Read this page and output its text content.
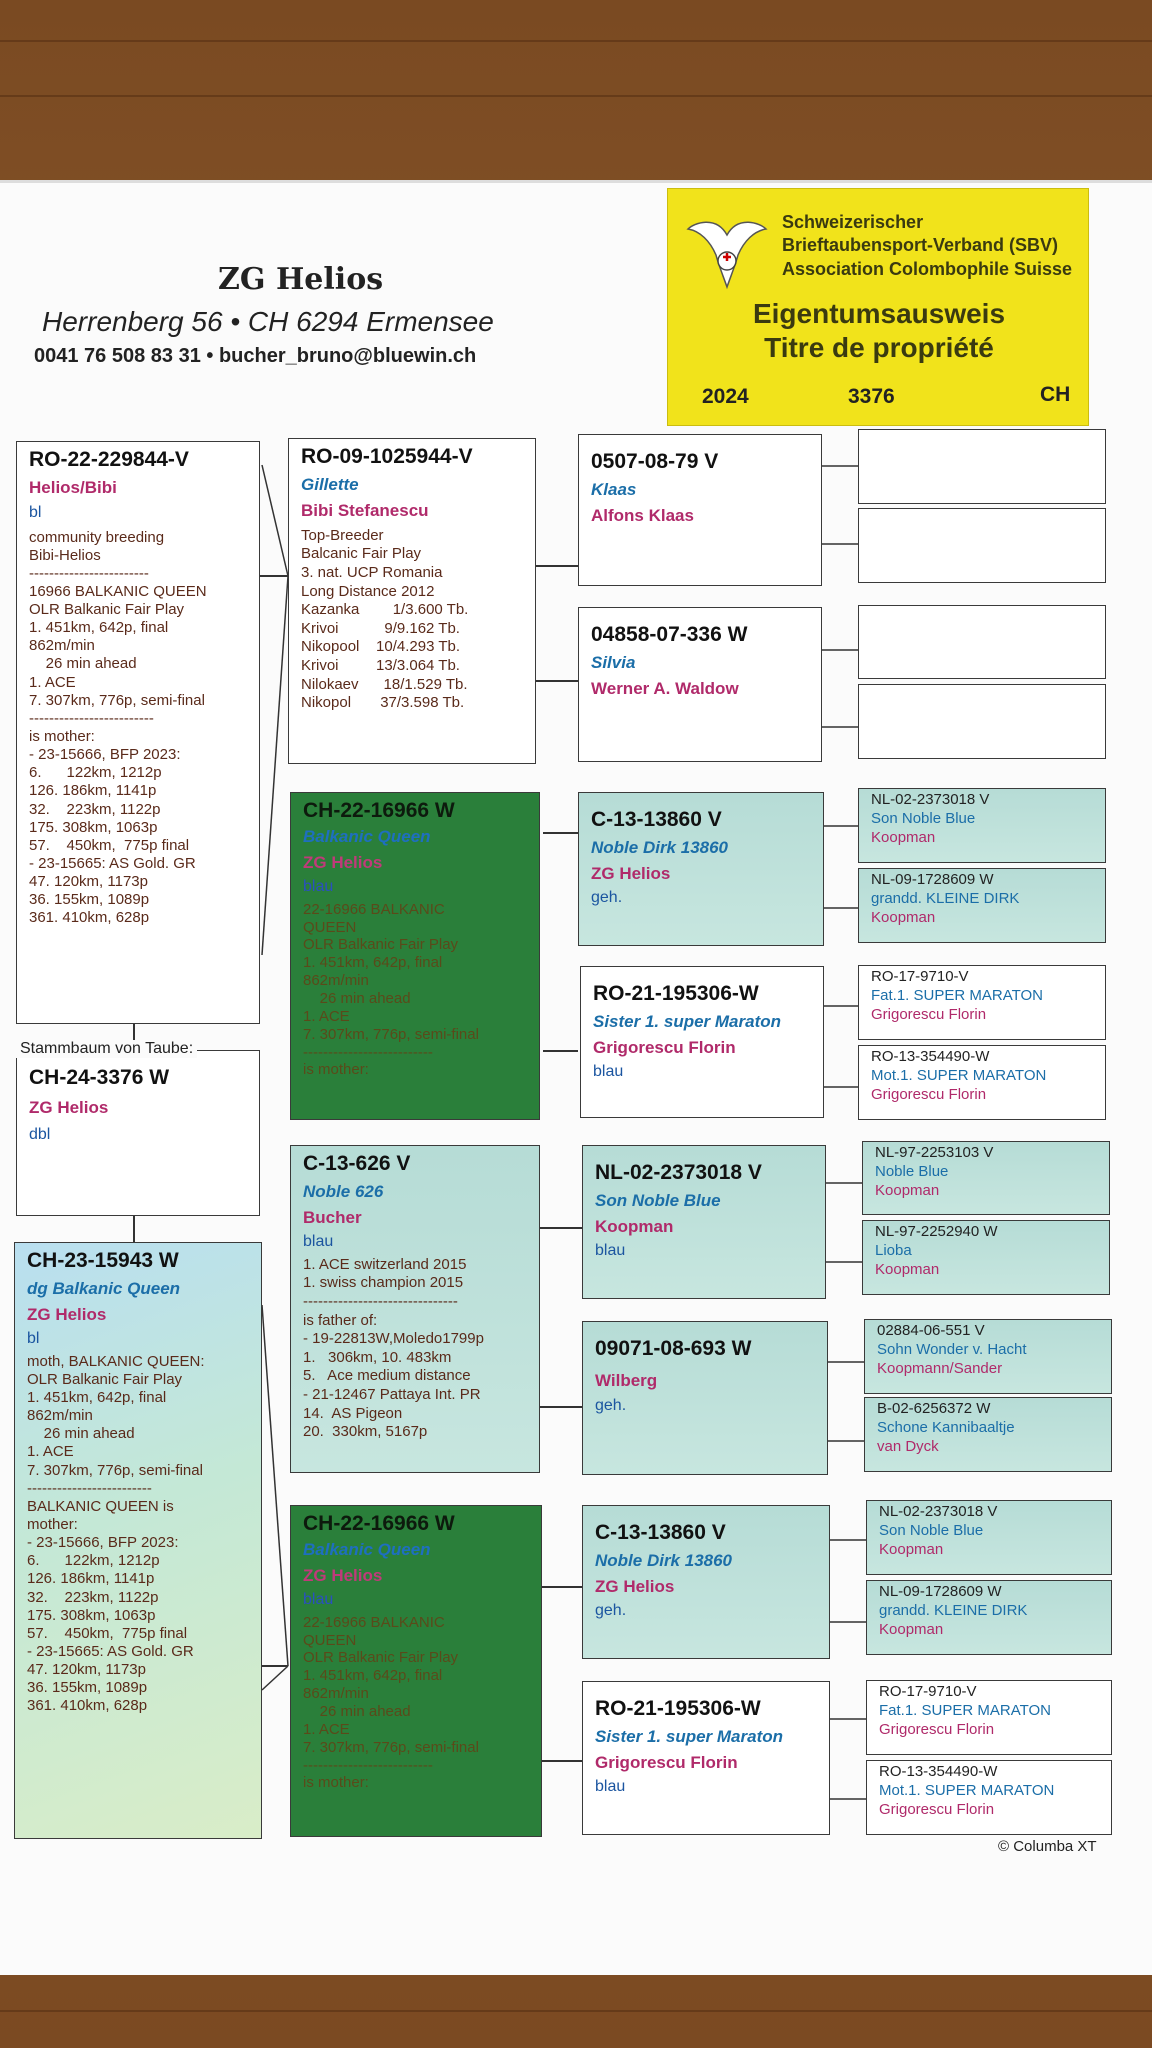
ZG Helios
Herrenberg 56 • CH 6294 Ermensee
0041 76 508 83 31 • bucher_bruno@bluewin.ch
Schweizerischer
Brieftaubensport-Verband (SBV)
Association Colombophile Suisse
Eigentumsausweis
Titre de propriété
2024	3376	CH
RO-22-229844-V
Helios/Bibi
bl
community breeding
Bibi-Helios
------------------------
16966 BALKANIC QUEEN
OLR Balkanic Fair Play
1. 451km, 642p, final
862m/min
26 min ahead
1. ACE
7. 307km, 776p, semi-final
-------------------------
is mother:
- 23-15666, BFP 2023:
6.      122km, 1212p
126. 186km, 1141p
32.    223km, 1122p
175. 308km, 1063p
57.    450km,  775p final
- 23-15665: AS Gold. GR
47. 120km, 1173p
36. 155km, 1089p
361. 410km, 628p
Stammbaum von Taube:
CH-24-3376 W
ZG Helios
dbl
CH-23-15943 W
dg Balkanic Queen
ZG Helios
bl
moth, BALKANIC QUEEN:
OLR Balkanic Fair Play
1. 451km, 642p, final
862m/min
26 min ahead
1. ACE
7. 307km, 776p, semi-final
-------------------------
BALKANIC QUEEN is
mother:
- 23-15666, BFP 2023:
6.      122km, 1212p
126. 186km, 1141p
32.    223km, 1122p
175. 308km, 1063p
57.    450km,  775p final
- 23-15665: AS Gold. GR
47. 120km, 1173p
36. 155km, 1089p
361. 410km, 628p
RO-09-1025944-V
Gillette
Bibi Stefanescu
Top-Breeder
Balcanic Fair Play
3. nat. UCP Romania
Long Distance 2012
Kazanka        1/3.600 Tb.
Krivoi           9/9.162 Tb.
Nikopool    10/4.293 Tb.
Krivoi         13/3.064 Tb.
Nilokaev      18/1.529 Tb.
Nikopol       37/3.598 Tb.
CH-22-16966 W
Balkanic Queen
ZG Helios
blau
22-16966 BALKANIC
QUEEN
OLR Balkanic Fair Play
1. 451km, 642p, final
862m/min
26 min ahead
1. ACE
7. 307km, 776p, semi-final
--------------------------
is mother:
C-13-626 V
Noble 626
Bucher
blau
1. ACE switzerland 2015
1. swiss champion 2015
-------------------------------
is father of:
- 19-22813W,Moledo1799p
1.   306km, 10. 483km
5.   Ace medium distance
- 21-12467 Pattaya Int. PR
14.  AS Pigeon
20.  330km, 5167p
CH-22-16966 W
Balkanic Queen
ZG Helios
blau
22-16966 BALKANIC
QUEEN
OLR Balkanic Fair Play
1. 451km, 642p, final
862m/min
26 min ahead
1. ACE
7. 307km, 776p, semi-final
--------------------------
is mother:
0507-08-79 V
Klaas
Alfons Klaas
04858-07-336 W
Silvia
Werner A. Waldow
C-13-13860 V
Noble Dirk 13860
ZG Helios
geh.
RO-21-195306-W
Sister 1. super Maraton
Grigorescu Florin
blau
NL-02-2373018 V
Son Noble Blue
Koopman
blau
09071-08-693 W
Wilberg
geh.
C-13-13860 V
Noble Dirk 13860
ZG Helios
geh.
RO-21-195306-W
Sister 1. super Maraton
Grigorescu Florin
blau
NL-02-2373018 V
Son Noble Blue
Koopman
NL-09-1728609 W
grandd. KLEINE DIRK
Koopman
RO-17-9710-V
Fat.1. SUPER MARATON
Grigorescu Florin
RO-13-354490-W
Mot.1. SUPER MARATON
Grigorescu Florin
NL-97-2253103 V
Noble Blue
Koopman
NL-97-2252940 W
Lioba
Koopman
02884-06-551 V
Sohn Wonder v. Hacht
Koopmann/Sander
B-02-6256372 W
Schone Kannibaaltje
van Dyck
NL-02-2373018 V
Son Noble Blue
Koopman
NL-09-1728609 W
grandd. KLEINE DIRK
Koopman
RO-17-9710-V
Fat.1. SUPER MARATON
Grigorescu Florin
RO-13-354490-W
Mot.1. SUPER MARATON
Grigorescu Florin
© Columba XT
